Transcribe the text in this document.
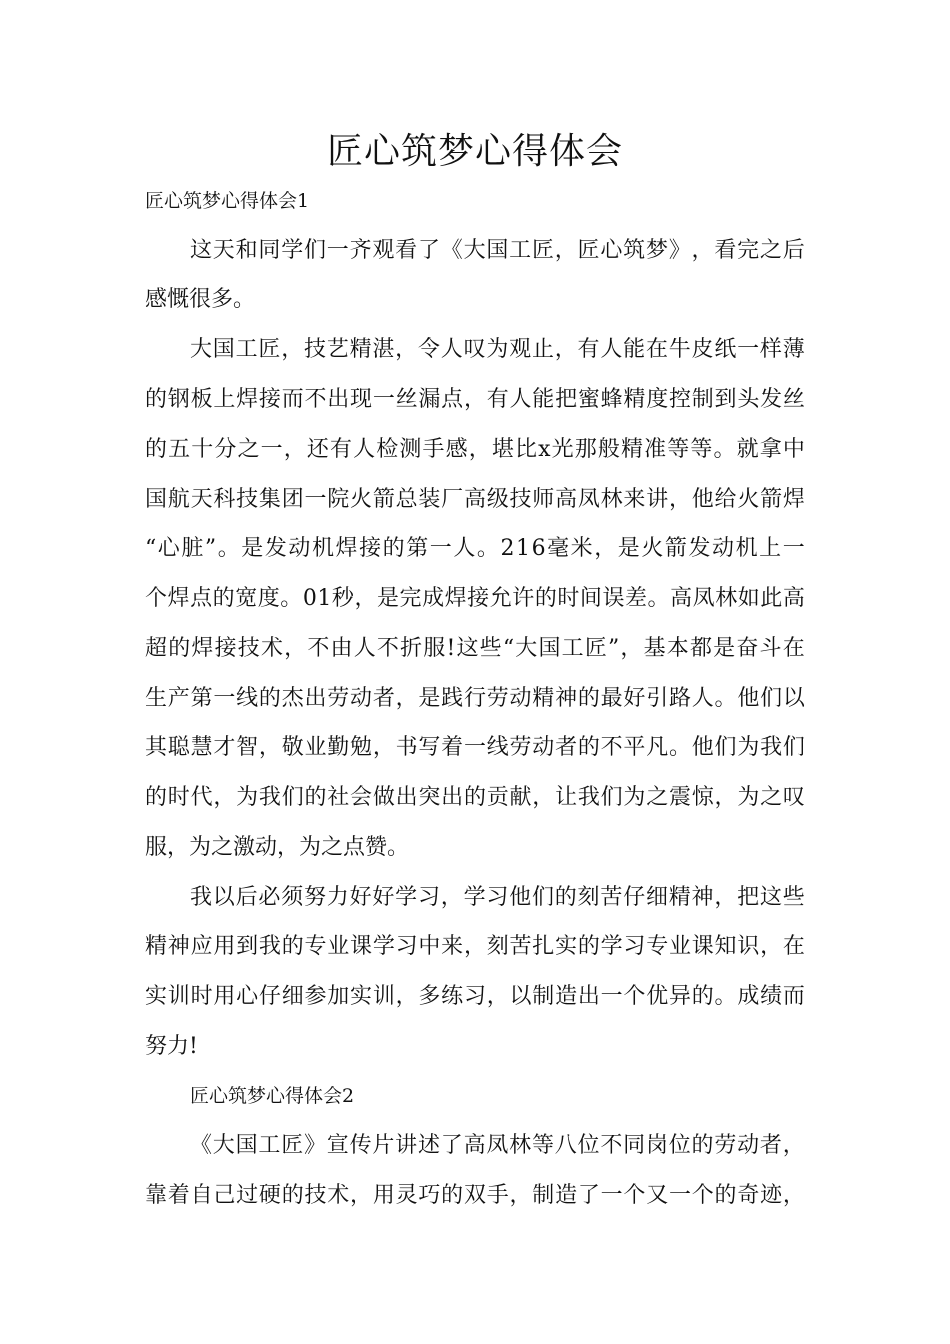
匠心筑梦心得体会

匠心筑梦心得体会1

这 天 和 同 学 们 一 齐 观 看 了 《 大 国 工 匠 ， 匠 心 筑 梦 》 ， 看 完 之 后

感慨很多。

大 国 工 匠 ， 技 艺 精 湛 ， 令 人 叹 为 观 止 ， 有 人 能 在 牛 皮 纸 一 样 薄

的 钢 板 上 焊 接 而 不 出 现 一 丝 漏 点 ， 有 人 能 把 蜜 蜂 精 度 控 制 到 头 发 丝

的 五 十 分 之 一 ， 还 有 人 检 测 手 感 ， 堪 比 x 光 那 般 精 准 等 等 。 就 拿 中

国 航 天 科 技 集 团 一 院 火 箭 总 装 厂 高 级 技 师 高 凤 林 来 讲 ， 他 给 火 箭 焊

“ 心 脏 ” 。 是 发 动 机 焊 接 的 第 一 人 。 2 1 6 毫 米 ， 是 火 箭 发 动 机 上 一

个 焊 点 的 宽 度 。 0 1 秒 ， 是 完 成 焊 接 允 许 的 时 间 误 差 。 高 凤 林 如 此 高

超 的 焊 接 技 术 ， 不 由 人 不 折 服 ! 这 些 “ 大 国 工 匠 ” ， 基 本 都 是 奋 斗 在

生 产 第 一 线 的 杰 出 劳 动 者 ， 是 践 行 劳 动 精 神 的 最 好 引 路 人 。 他 们 以

其 聪 慧 才 智 ， 敬 业 勤 勉 ， 书 写 着 一 线 劳 动 者 的 不 平 凡 。 他 们 为 我 们

的 时 代 ， 为 我 们 的 社 会 做 出 突 出 的 贡 献 ， 让 我 们 为 之 震 惊 ， 为 之 叹

服，为之激动，为之点赞。

我 以 后 必 须 努 力 好 好 学 习 ， 学 习 他 们 的 刻 苦 仔 细 精 神 ， 把 这 些

精 神 应 用 到 我 的 专 业 课 学 习 中 来 ， 刻 苦 扎 实 的 学 习 专 业 课 知 识 ， 在

实 训 时 用 心 仔 细 参 加 实 训 ， 多 练 习 ， 以 制 造 出 一 个 优 异 的 。 成 绩 而

努力!

匠心筑梦心得体会2

《 大 国 工 匠 》 宣 传 片 讲 述 了 高 凤 林 等 八 位 不 同 岗 位 的 劳 动 者 ，

靠 着 自 己 过 硬 的 技 术 ， 用 灵 巧 的 双 手 ， 制 造 了 一 个 又 一 个 的 奇 迹 ，
